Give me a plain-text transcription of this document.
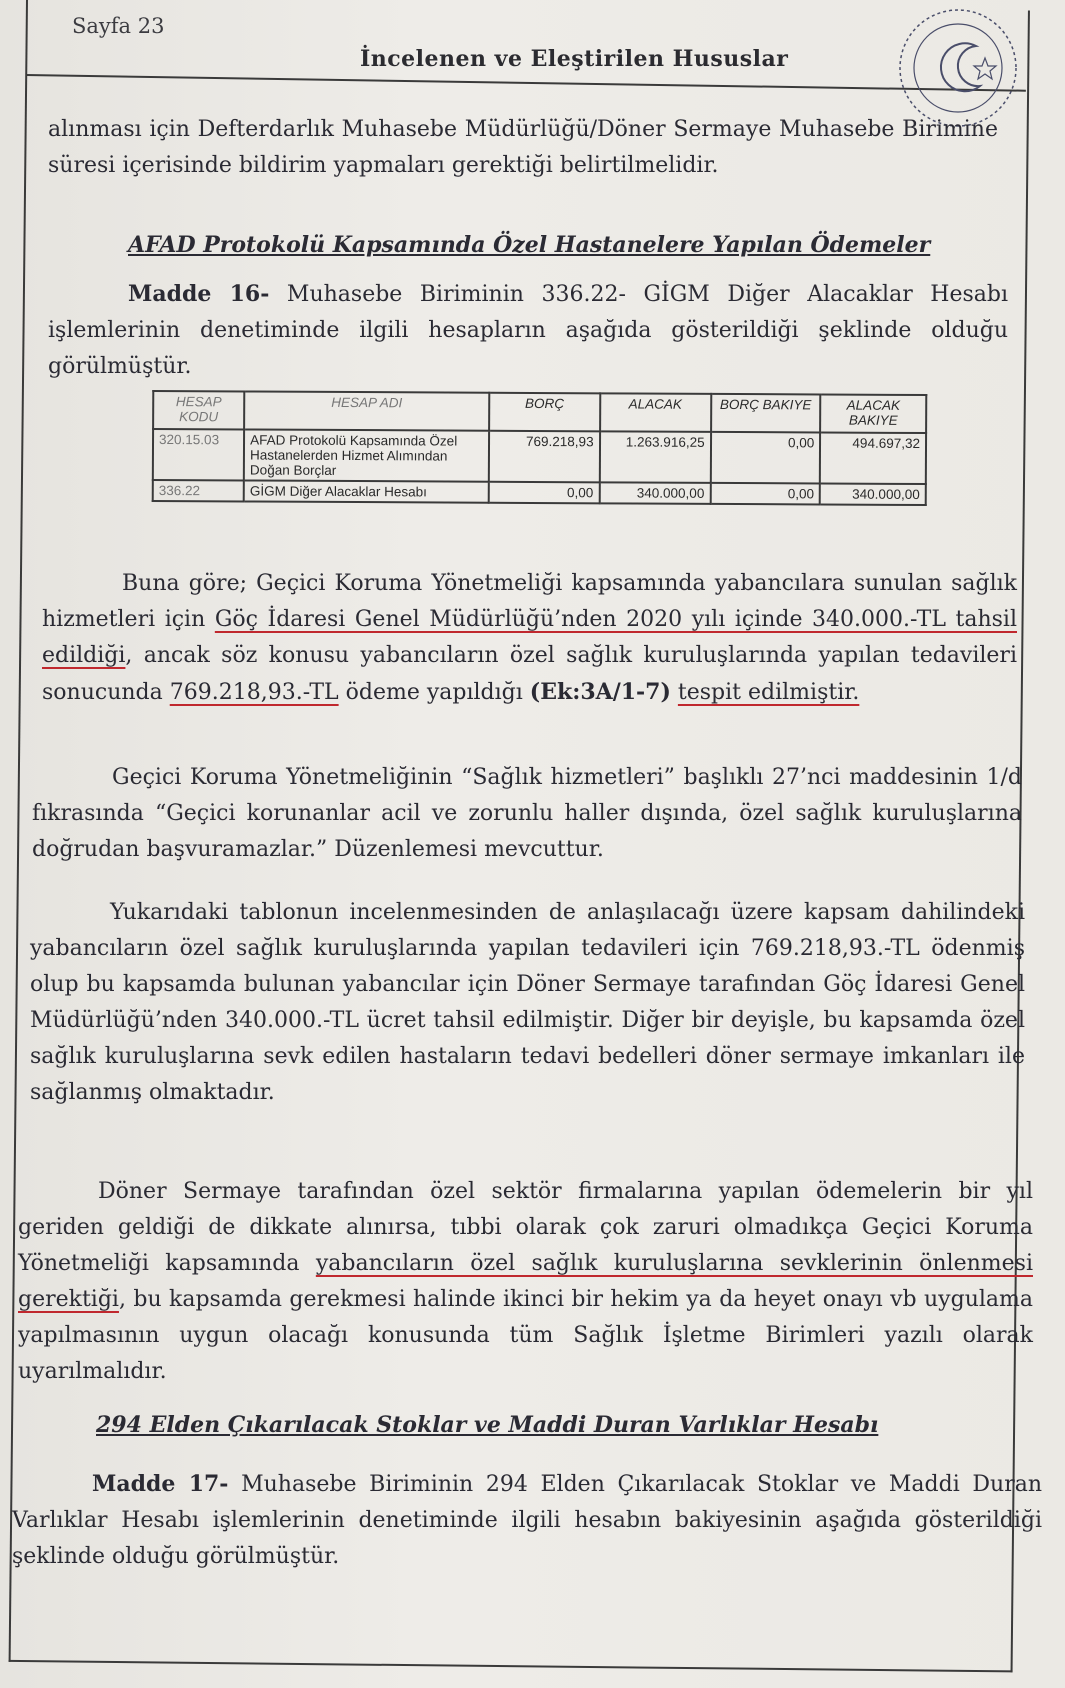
Sayfa 23
İncelenen ve Eleştirilen Hususlar
alınması için Defterdarlık Muhasebe Müdürlüğü/Döner Sermaye Muhasebe Birimine süresi içerisinde bildirim yapmaları gerektiği belirtilmelidir.
AFAD Protokolü Kapsamında Özel Hastanelere Yapılan Ödemeler
Madde 16- Muhasebe Biriminin 336.22- GİGM Diğer Alacaklar Hesabı işlemlerinin denetiminde ilgili hesapların aşağıda gösterildiği şeklinde olduğu görülmüştür.
HESAP KODU	HESAP ADI	BORÇ	ALACAK	BORÇ BAKIYE	ALACAK BAKIYE
320.15.03	AFAD Protokolü Kapsamında Özel Hastanelerden Hizmet Alımından Doğan Borçlar	769.218,93	1.263.916,25	0,00	494.697,32
336.22	GİGM Diğer Alacaklar Hesabı	0,00	340.000,00	0,00	340.000,00
Buna göre; Geçici Koruma Yönetmeliği kapsamında yabancılara sunulan sağlık hizmetleri için Göç İdaresi Genel Müdürlüğü’nden 2020 yılı içinde 340.000.-TL tahsil edildiği, ancak söz konusu yabancıların özel sağlık kuruluşlarında yapılan tedavileri sonucunda 769.218,93.-TL ödeme yapıldığı (Ek:3A/1-7) tespit edilmiştir.
Geçici Koruma Yönetmeliğinin “Sağlık hizmetleri” başlıklı 27’nci maddesinin 1/d fıkrasında “Geçici korunanlar acil ve zorunlu haller dışında, özel sağlık kuruluşlarına doğrudan başvuramazlar.” Düzenlemesi mevcuttur.
Yukarıdaki tablonun incelenmesinden de anlaşılacağı üzere kapsam dahilindeki yabancıların özel sağlık kuruluşlarında yapılan tedavileri için 769.218,93.-TL ödenmiş olup bu kapsamda bulunan yabancılar için Döner Sermaye tarafından Göç İdaresi Genel Müdürlüğü’nden 340.000.-TL ücret tahsil edilmiştir. Diğer bir deyişle, bu kapsamda özel sağlık kuruluşlarına sevk edilen hastaların tedavi bedelleri döner sermaye imkanları ile sağlanmış olmaktadır.
Döner Sermaye tarafından özel sektör firmalarına yapılan ödemelerin bir yıl geriden geldiği de dikkate alınırsa, tıbbi olarak çok zaruri olmadıkça Geçici Koruma Yönetmeliği kapsamında yabancıların özel sağlık kuruluşlarına sevklerinin önlenmesi gerektiği, bu kapsamda gerekmesi halinde ikinci bir hekim ya da heyet onayı vb uygulama yapılmasının uygun olacağı konusunda tüm Sağlık İşletme Birimleri yazılı olarak uyarılmalıdır.
294 Elden Çıkarılacak Stoklar ve Maddi Duran Varlıklar Hesabı
Madde 17- Muhasebe Biriminin 294 Elden Çıkarılacak Stoklar ve Maddi Duran Varlıklar Hesabı işlemlerinin denetiminde ilgili hesabın bakiyesinin aşağıda gösterildiği şeklinde olduğu görülmüştür.
